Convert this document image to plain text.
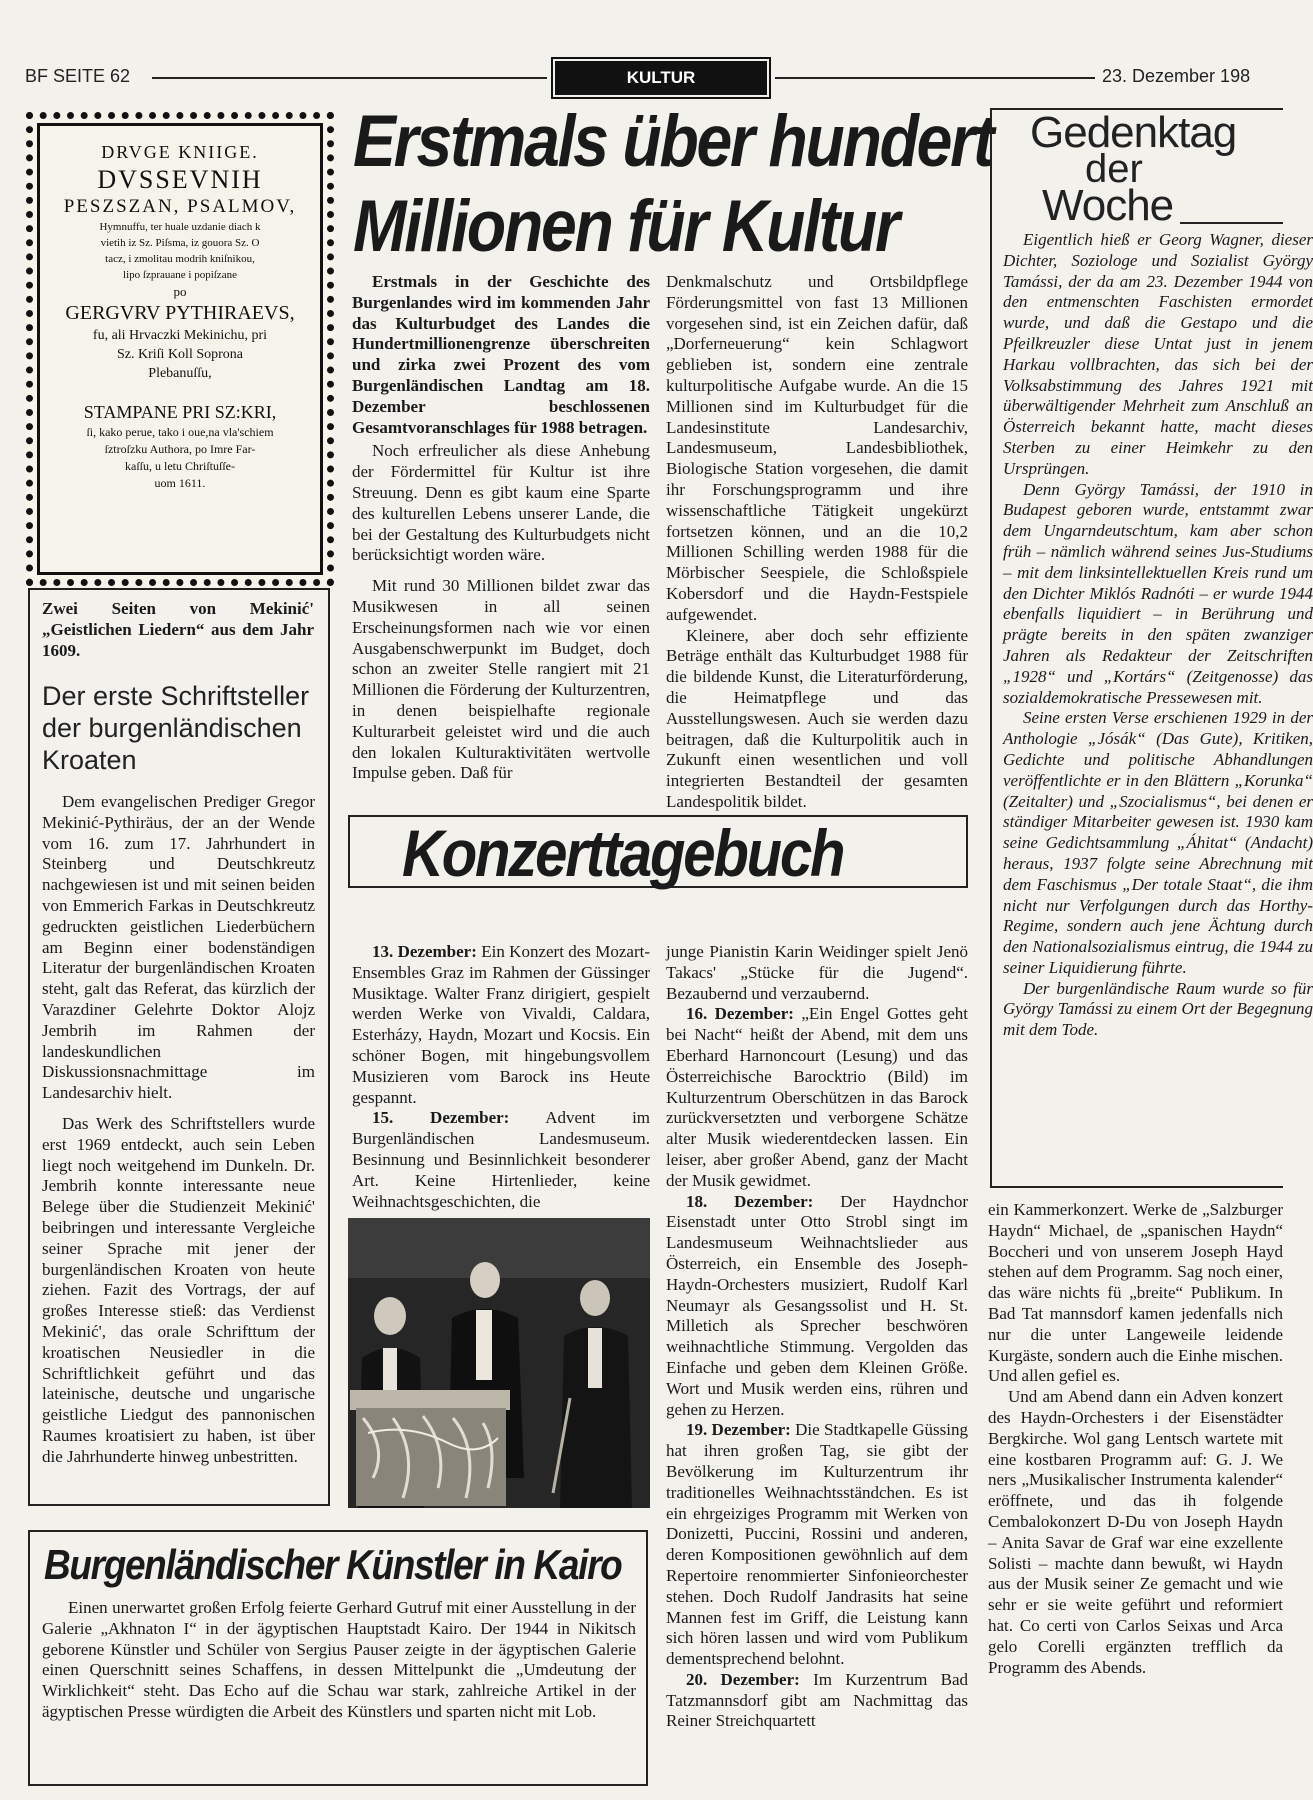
BF SEITE 62	KULTUR	23. Dezember 198
DRVGE KNIIGE.
DVSSEVNIH
PESZSZAN, PSALMOV,
Hymnuffu, ter huale uzdanie diach k
vietih iz Sz. Piſsma, iz gouora Sz. O
tacz, i zmolitau modrih kniſnikou,
lipo ſzprauane i popiſzane
po
GERGVRV PYTHIRAEVS,
fu, ali Hrvaczki Mekinichu, pri
Sz. Kriſi Koll Soprona
Plebanuſſu,
STAMPANE PRI SZ:KRI,
ſi, kako perue, tako i oue,na vla'schiem
ſztroſzku Authora, po Imre Far-
kaſſu, u letu Chriſtuſſe-
uom 1611.
Zwei Seiten von Mekinić' „Geistlichen Liedern“ aus dem Jahr 1609.
Der erste Schriftsteller der burgenländischen Kroaten

Dem evangelischen Prediger Gregor Mekinić-Pythiräus, der an der Wende vom 16. zum 17. Jahrhundert in Steinberg und Deutschkreutz nachgewiesen ist und mit seinen beiden von Emmerich Farkas in Deutschkreutz gedruckten geistlichen Liederbüchern am Beginn einer bodenständigen Literatur der burgenländischen Kroaten steht, galt das Referat, das kürzlich der Varazdiner Gelehrte Doktor Alojz Jembrih im Rahmen der landeskundlichen Diskussionsnachmittage im Landesarchiv hielt.

Das Werk des Schriftstellers wurde erst 1969 entdeckt, auch sein Leben liegt noch weitgehend im Dunkeln. Dr. Jembrih konnte interessante neue Belege über die Studienzeit Mekinić' beibringen und interessante Vergleiche seiner Sprache mit jener der burgenländischen Kroaten von heute ziehen. Fazit des Vortrags, der auf großes Interesse stieß: das Verdienst Mekinić', das orale Schrifttum der kroatischen Neusiedler in die Schriftlichkeit geführt und das lateinische, deutsche und ungarische geistliche Liedgut des pannonischen Raumes kroatisiert zu haben, ist über die Jahrhunderte hinweg unbestritten.

Erstmals über hundert
Millionen für Kultur

Erstmals in der Geschichte des Burgenlandes wird im kommenden Jahr das Kulturbudget des Landes die Hundertmillionengrenze überschreiten und zirka zwei Prozent des vom Burgenländischen Landtag am 18. Dezember beschlossenen Gesamtvoranschlages für 1988 betragen.

Noch erfreulicher als diese Anhebung der Fördermittel für Kultur ist ihre Streuung. Denn es gibt kaum eine Sparte des kulturellen Lebens unserer Lande, die bei der Gestaltung des Kulturbudgets nicht berücksichtigt worden wäre.

Mit rund 30 Millionen bildet zwar das Musikwesen in all seinen Erscheinungsformen nach wie vor einen Ausgabenschwerpunkt im Budget, doch schon an zweiter Stelle rangiert mit 21 Millionen die Förderung der Kulturzentren, in denen beispielhafte regionale Kulturarbeit geleistet wird und die auch den lokalen Kulturaktivitäten wertvolle Impulse geben. Daß für

Denkmalschutz und Ortsbildpflege Förderungsmittel von fast 13 Millionen vorgesehen sind, ist ein Zeichen dafür, daß „Dorferneuerung“ kein Schlagwort geblieben ist, sondern eine zentrale kulturpolitische Aufgabe wurde. An die 15 Millionen sind im Kulturbudget für die Landesinstitute Landesarchiv, Landesmuseum, Landesbibliothek, Biologische Station vorgesehen, die damit ihr Forschungsprogramm und ihre wissenschaftliche Tätigkeit ungekürzt fortsetzen können, und an die 10,2 Millionen Schilling werden 1988 für die Mörbischer Seespiele, die Schloßspiele Kobersdorf und die Haydn-Festspiele aufgewendet.

Kleinere, aber doch sehr effiziente Beträge enthält das Kulturbudget 1988 für die bildende Kunst, die Literaturförderung, die Heimatpflege und das Ausstellungswesen. Auch sie werden dazu beitragen, daß die Kulturpolitik auch in Zukunft einen wesentlichen und voll integrierten Bestandteil der gesamten Landespolitik bildet.

Konzerttagebuch

13. Dezember: Ein Konzert des Mozart-Ensembles Graz im Rahmen der Güssinger Musiktage. Walter Franz dirigiert, gespielt werden Werke von Vivaldi, Caldara, Esterházy, Haydn, Mozart und Kocsis. Ein schöner Bogen, mit hingebungsvollem Musizieren vom Barock ins Heute gespannt.

15. Dezember: Advent im Burgenländischen Landesmuseum. Besinnung und Besinnlichkeit besonderer Art. Keine Hirtenlieder, keine Weihnachtsgeschichten, die

junge Pianistin Karin Weidinger spielt Jenö Takacs' „Stücke für die Jugend“. Bezaubernd und verzaubernd.

16. Dezember: „Ein Engel Gottes geht bei Nacht“ heißt der Abend, mit dem uns Eberhard Harnoncourt (Lesung) und das Österreichische Barocktrio (Bild) im Kulturzentrum Oberschützen in das Barock zurückversetzten und verborgene Schätze alter Musik wiederentdecken lassen. Ein leiser, aber großer Abend, ganz der Macht der Musik gewidmet.

18. Dezember: Der Haydnchor Eisenstadt unter Otto Strobl singt im Landesmuseum Weihnachtslieder aus Österreich, ein Ensemble des Joseph-Haydn-Orchesters musiziert, Rudolf Karl Neumayr als Gesangssolist und H. St. Milletich als Sprecher beschwören weihnachtliche Stimmung. Vergolden das Einfache und geben dem Kleinen Größe. Wort und Musik werden eins, rühren und gehen zu Herzen.

19. Dezember: Die Stadtkapelle Güssing hat ihren großen Tag, sie gibt der Bevölkerung im Kulturzentrum ihr traditionelles Weihnachtsständchen. Es ist ein ehrgeiziges Programm mit Werken von Donizetti, Puccini, Rossini und anderen, deren Kompositionen gewöhnlich auf dem Repertoire renommierter Sinfonieorchester stehen. Doch Rudolf Jandrasits hat seine Mannen fest im Griff, die Leistung kann sich hören lassen und wird vom Publikum dementsprechend belohnt.

20. Dezember: Im Kurzentrum Bad Tatzmannsdorf gibt am Nachmittag das Reiner Streichquartett

Gedenktag
der
Woche

Eigentlich hieß er Georg Wagner, dieser Dichter, Soziologe und Sozialist György Tamássi, der da am 23. Dezember 1944 von den entmenschten Faschisten ermordet wurde, und daß die Gestapo und die Pfeilkreuzler diese Untat just in jenem Harkau vollbrachten, das sich bei der Volksabstimmung des Jahres 1921 mit überwältigender Mehrheit zum Anschluß an Österreich bekannt hatte, macht dieses Sterben zu einer Heimkehr zu den Ursprüngen.

Denn György Tamássi, der 1910 in Budapest geboren wurde, entstammt zwar dem Ungarndeutschtum, kam aber schon früh – nämlich während seines Jus-Studiums – mit dem linksintellektuellen Kreis rund um den Dichter Miklós Radnóti – er wurde 1944 ebenfalls liquidiert – in Berührung und prägte bereits in den späten zwanziger Jahren als Redakteur der Zeitschriften „1928“ und „Kortárs“ (Zeitgenosse) das sozialdemokratische Pressewesen mit.

Seine ersten Verse erschienen 1929 in der Anthologie „Jósák“ (Das Gute), Kritiken, Gedichte und politische Abhandlungen veröffentlichte er in den Blättern „Korunka“ (Zeitalter) und „Szocialismus“, bei denen er ständiger Mitarbeiter gewesen ist. 1930 kam seine Gedichtsammlung „Áhitat“ (Andacht) heraus, 1937 folgte seine Abrechnung mit dem Faschismus „Der totale Staat“, die ihm nicht nur Verfolgungen durch das Horthy-Regime, sondern auch jene Ächtung durch den Nationalsozialismus eintrug, die 1944 zu seiner Liquidierung führte.

Der burgenländische Raum wurde so für György Tamássi zu einem Ort der Begegnung mit dem Tode.

ein Kammerkonzert. Werke de „Salzburger Haydn“ Michael, de „spanischen Haydn“ Boccheri und von unserem Joseph Hayd stehen auf dem Programm. Sag noch einer, das wäre nichts fü „breite“ Publikum. In Bad Tat mannsdorf kamen jedenfalls nich nur die unter Langeweile leidende Kurgäste, sondern auch die Einhe mischen. Und allen gefiel es.

Und am Abend dann ein Adven konzert des Haydn-Orchesters i der Eisenstädter Bergkirche. Wol gang Lentsch wartete mit eine kostbaren Programm auf: G. J. We ners „Musikalischer Instrumenta kalender“ eröffnete, und das ih folgende Cembalokonzert D-Du von Joseph Haydn – Anita Savar de Graf war eine exzellente Solisti – machte dann bewußt, wi Haydn aus der Musik seiner Ze gemacht und wie sehr er sie weite geführt und reformiert hat. Co certi von Carlos Seixas und Arca gelo Corelli ergänzten trefflich da Programm des Abends.

Burgenländischer Künstler in Kairo
Einen unerwartet großen Erfolg feierte Gerhard Gutruf mit einer Ausstellung in der Galerie „Akhnaton I“ in der ägyptischen Hauptstadt Kairo. Der 1944 in Nikitsch geborene Künstler und Schüler von Sergius Pauser zeigte in der ägyptischen Galerie einen Querschnitt seines Schaffens, in dessen Mittelpunkt die „Umdeutung der Wirklichkeit“ steht. Das Echo auf die Schau war stark, zahlreiche Artikel in der ägyptischen Presse würdigten die Arbeit des Künstlers und sparten nicht mit Lob.
